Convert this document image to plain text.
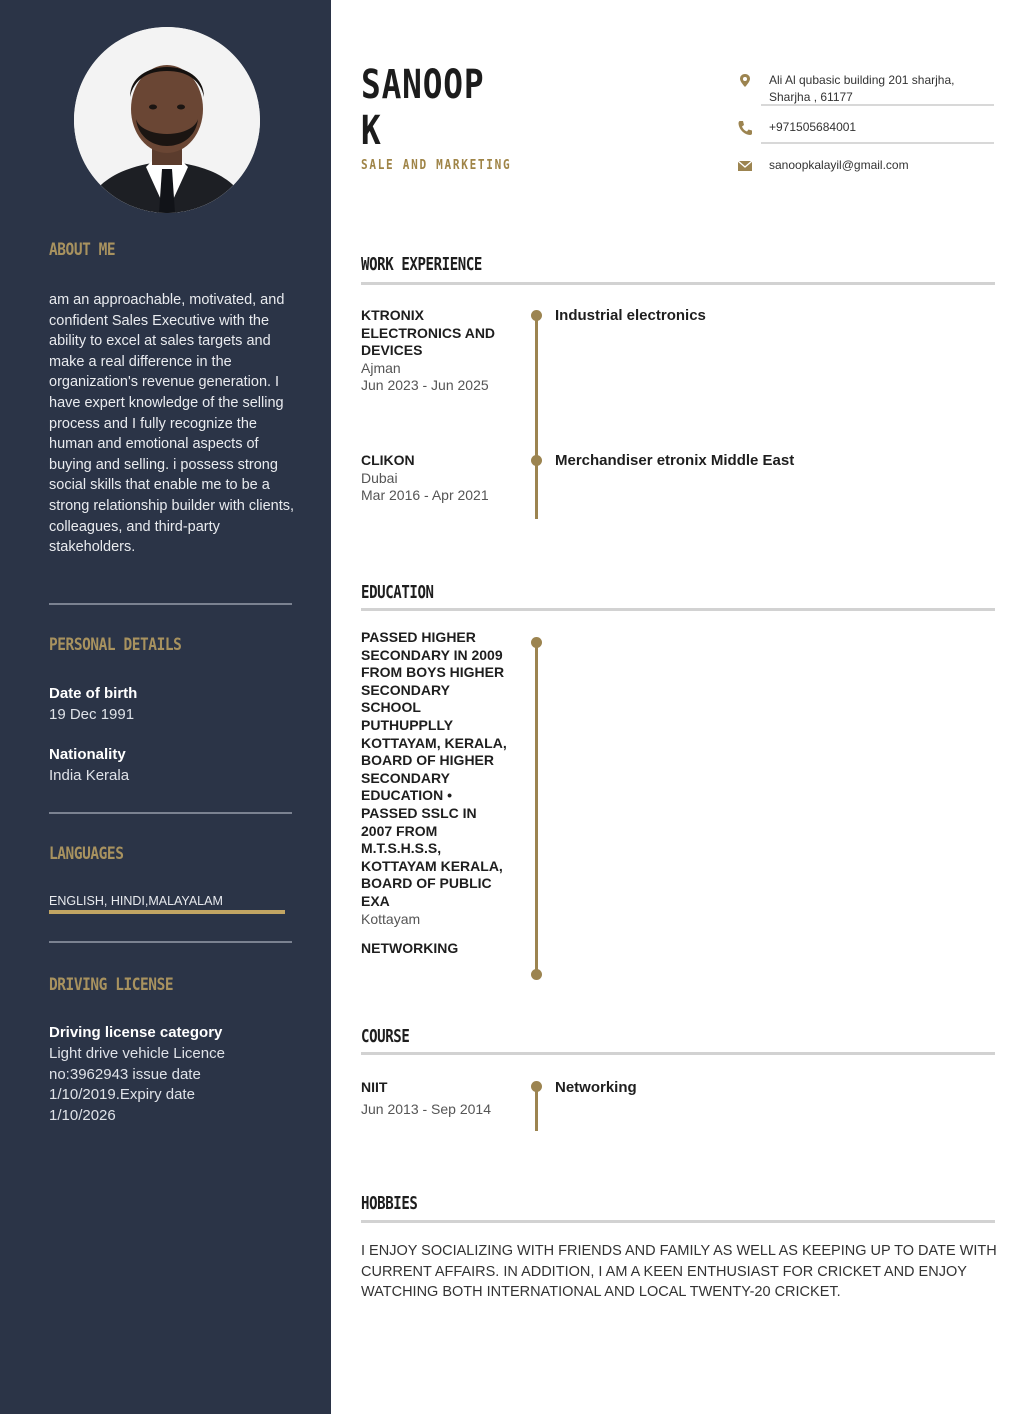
ABOUT ME
am an approachable, motivated, and confident Sales Executive with the ability to excel at sales targets and make a real difference in the organization's revenue generation. I have expert knowledge of the selling process and I fully recognize the human and emotional aspects of buying and selling. i possess strong social skills that enable me to be a strong relationship builder with clients, colleagues, and third-party stakeholders.
PERSONAL DETAILS
Date of birth
19 Dec 1991
Nationality
India Kerala
LANGUAGES
ENGLISH, HINDI,MALAYALAM
DRIVING LICENSE
Driving license category
Light drive vehicle Licence no:3962943 issue date 1/10/2019.Expiry date 1/10/2026
SANOOP
K
SALE AND MARKETING
Ali Al qubasic building 201 sharjha, Sharjha , 61177
+971505684001
sanoopkalayil@gmail.com
WORK EXPERIENCE
KTRONIX ELECTRONICS AND DEVICES
Ajman
Jun 2023 - Jun 2025
Industrial electronics
CLIKON
Dubai
Mar 2016 - Apr 2021
Merchandiser etronix Middle East
EDUCATION
PASSED HIGHER SECONDARY IN 2009 FROM BOYS HIGHER SECONDARY SCHOOL PUTHUPPLLY KOTTAYAM, KERALA, BOARD OF HIGHER SECONDARY EDUCATION • PASSED SSLC IN 2007 FROM M.T.S.H.S.S, KOTTAYAM KERALA, BOARD OF PUBLIC EXA
Kottayam
NETWORKING
COURSE
NIIT
Jun 2013 - Sep 2014
Networking
HOBBIES
I ENJOY SOCIALIZING WITH FRIENDS AND FAMILY AS WELL AS KEEPING UP TO DATE WITH CURRENT AFFAIRS. IN ADDITION, I AM A KEEN ENTHUSIAST FOR CRICKET AND ENJOY WATCHING BOTH INTERNATIONAL AND LOCAL TWENTY-20 CRICKET.
